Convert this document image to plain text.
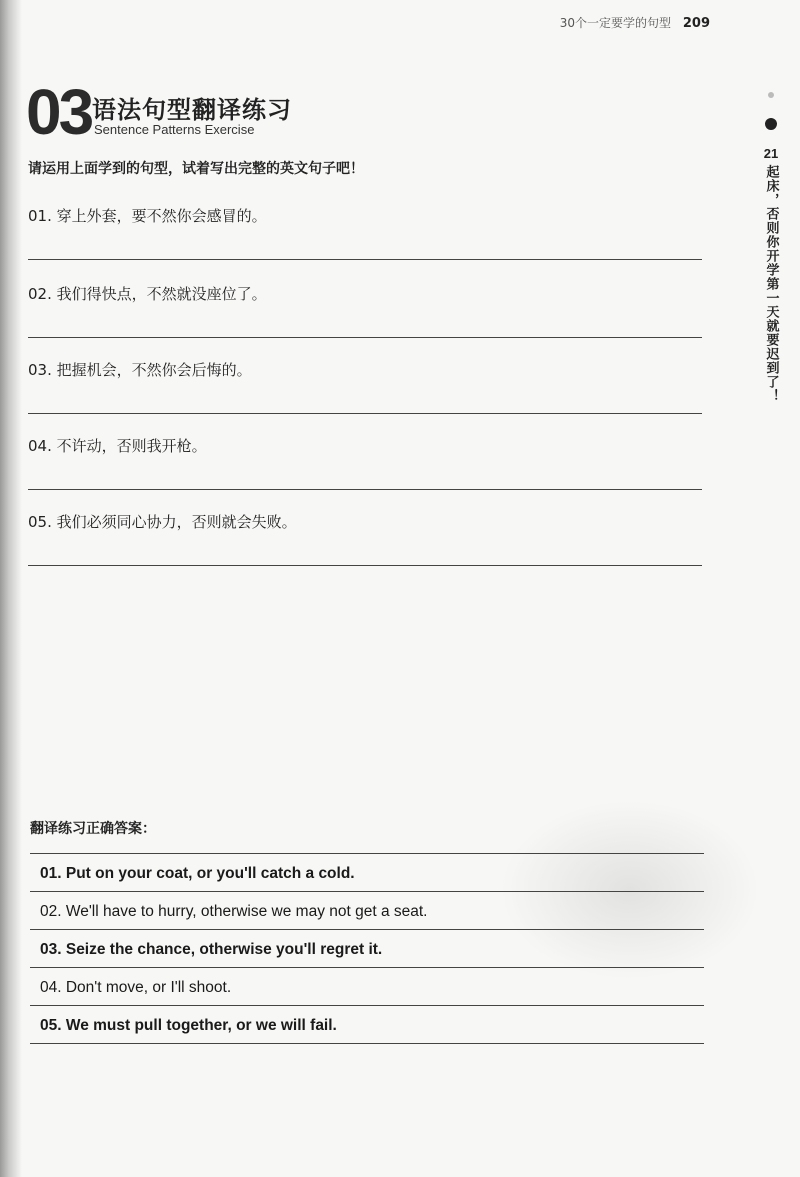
30个一定要学的句型 209
03 语法句型翻译练习
Sentence Patterns Exercise
请运用上面学到的句型，试着写出完整的英文句子吧！
01. 穿上外套，要不然你会感冒的。
02. 我们得快点，不然就没座位了。
03. 把握机会，不然你会后悔的。
04. 不许动，否则我开枪。
05. 我们必须同心协力，否则就会失败。
21
起床，否则你开学第一天就要迟到了！
翻译练习正确答案：
01. Put on your coat, or you'll catch a cold.
02. We'll have to hurry, otherwise we may not get a seat.
03. Seize the chance, otherwise you'll regret it.
04. Don't move, or I'll shoot.
05. We must pull together, or we will fail.
